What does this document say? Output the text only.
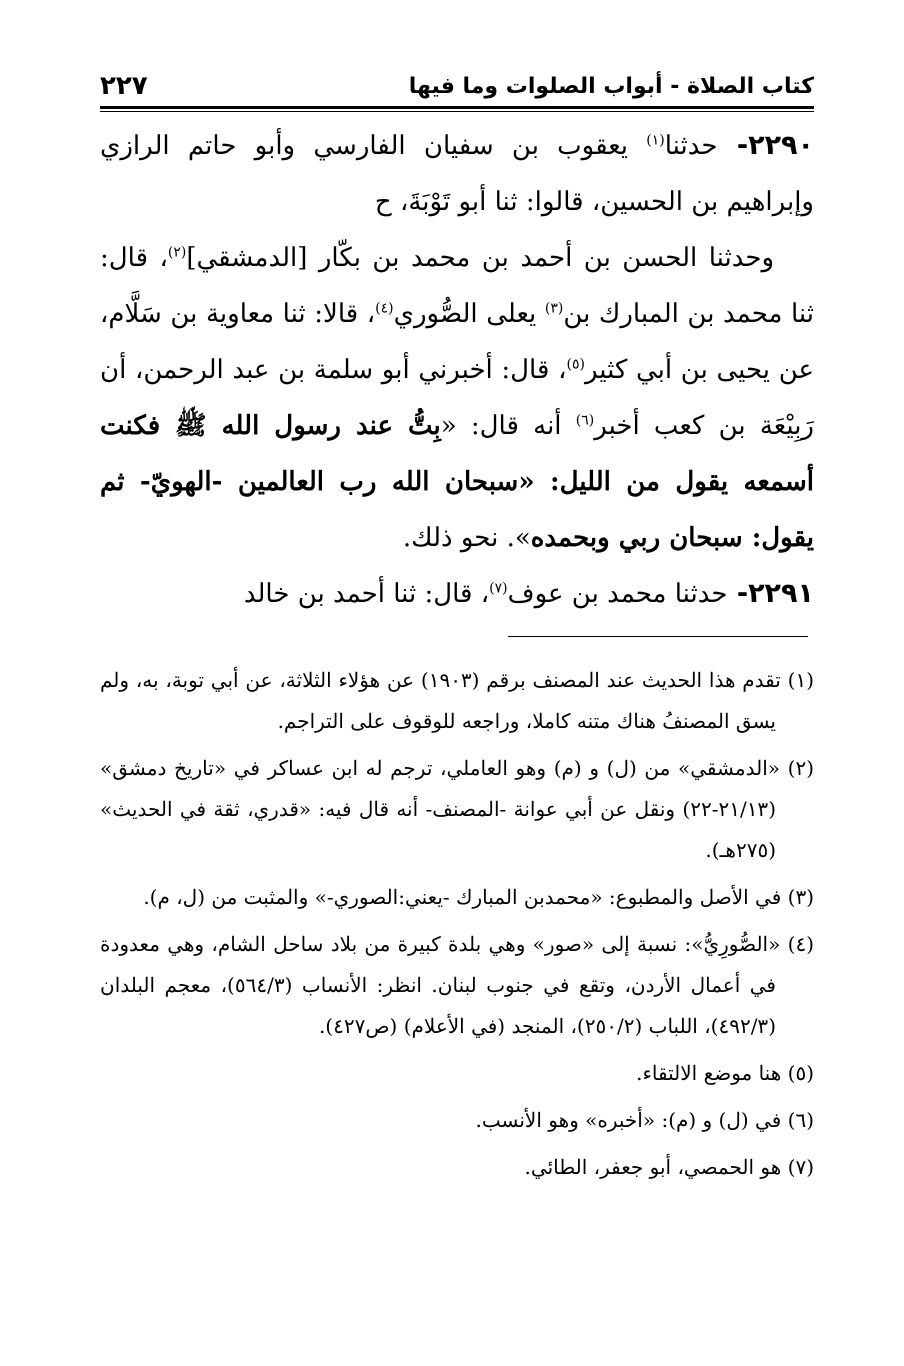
كتاب الصلاة - أبواب الصلوات وما فيها
٢٢٧

٢٢٩٠- حدثنا$^{(١)}$ يعقوب بن سفيان الفارسي وأبو حاتم الرازي وإبراهيم بن الحسين، قالوا: ثنا أبو تَوْبَةَ، ح

وحدثنا الحسن بن أحمد بن محمد بن بكّار [الدمشقي]$^{(٢)}$، قال: ثنا محمد بن المبارك بن$^{(٣)}$ يعلى الصُّوري$^{(٤)}$، قالا: ثنا معاوية بن سَلَّام، عن يحيى بن أبي كثير$^{(٥)}$، قال: أخبرني أبو سلمة بن عبد الرحمن، أن رَبِيْعَة بن كعب أخبر$^{(٦)}$ أنه قال: «بِتُّ عند رسول الله ﷺ فكنت أسمعه يقول من الليل: «سبحان الله رب العالمين -الهويّ- ثم يقول: سبحان ربي وبحمده». نحو ذلك.

٢٢٩١- حدثنا محمد بن عوف$^{(٧)}$، قال: ثنا أحمد بن خالد

(١) تقدم هذا الحديث عند المصنف برقم (١٩٠٣) عن هؤلاء الثلاثة، عن أبي توبة، به، ولم يسق المصنفُ هناك متنه كاملا، وراجعه للوقوف على التراجم.

(٢) «الدمشقي» من (ل) و (م) وهو العاملي، ترجم له ابن عساكر في «تاريخ دمشق» (٢١/١٣-٢٢) ونقل عن أبي عوانة -المصنف- أنه قال فيه: «قدري، ثقة في الحديث» (٢٧٥هـ).

(٣) في الأصل والمطبوع: «محمدبن المبارك -يعني:الصوري-» والمثبت من (ل، م).

(٤) «الصُّورِيُّ»: نسبة إلى «صور» وهي بلدة كبيرة من بلاد ساحل الشام، وهي معدودة في أعمال الأردن، وتقع في جنوب لبنان. انظر: الأنساب (٥٦٤/٣)، معجم البلدان (٤٩٢/٣)، اللباب (٢٥٠/٢)، المنجد (في الأعلام) (ص٤٢٧).

(٥) هنا موضع الالتقاء.

(٦) في (ل) و (م): «أخبره» وهو الأنسب.

(٧) هو الحمصي، أبو جعفر، الطائي.
